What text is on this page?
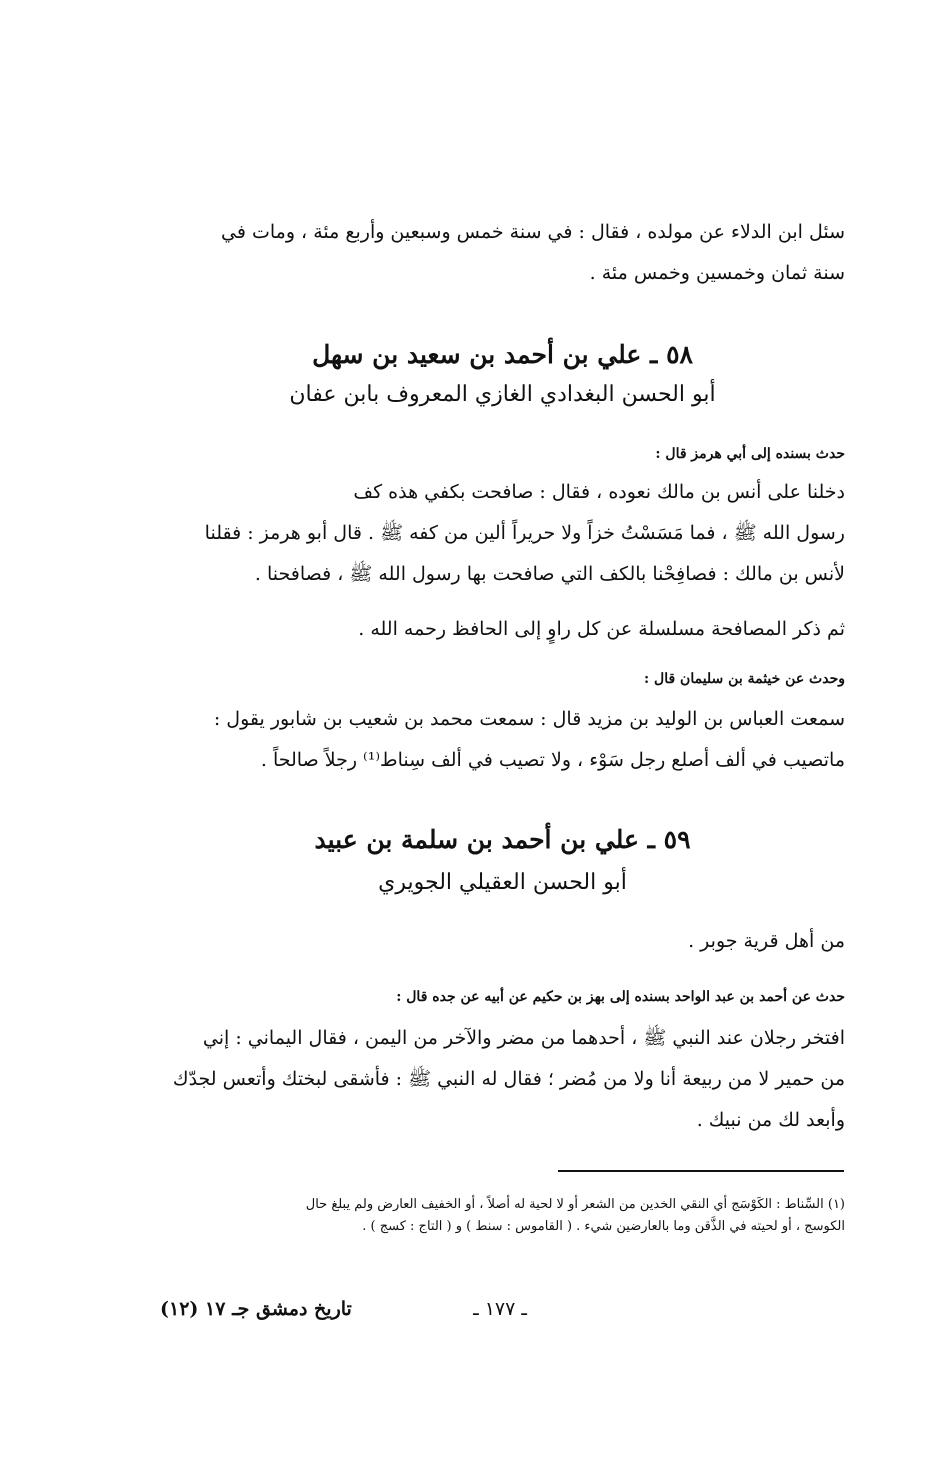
سئل ابن الدلاء عن مولده ، فقال : في سنة خمس وسبعين وأربع مئة ، ومات في
سنة ثمان وخمسين وخمس مئة .
٥٨ ـ علي بن أحمد بن سعيد بن سهل
أبو الحسن البغدادي الغازي المعروف بابن عفان
حدث بسنده إلى أبي هرمز قال :
دخلنا على أنس بن مالك نعوده ، فقال : صافحت بكفي هذه كف
رسول الله ﷺ ، فما مَسَسْتُ خزاً ولا حريراً ألين من كفه ﷺ . قال أبو هرمز : فقلنا
لأنس بن مالك : فصافِحْنا بالكف التي صافحت بها رسول الله ﷺ ، فصافحنا .
ثم ذكر المصافحة مسلسلة عن كل راوٍ إلى الحافظ رحمه الله .
وحدث عن خيثمة بن سليمان قال :
سمعت العباس بن الوليد بن مزيد قال : سمعت محمد بن شعيب بن شابور يقول :
ماتصيب في ألف أصلع رجل سَوْء ، ولا تصيب في ألف سِناط⁽¹⁾ رجلاً صالحاً .
٥٩ ـ علي بن أحمد بن سلمة بن عبيد
أبو الحسن العقيلي الجويري
من أهل قرية جوبر .
حدث عن أحمد بن عبد الواحد بسنده إلى بهز بن حكيم عن أبيه عن جده قال :
افتخر رجلان عند النبي ﷺ ، أحدهما من مضر والآخر من اليمن ، فقال اليماني : إني
من حمير لا من ربيعة أنا ولا من مُضر ؛ فقال له النبي ﷺ : فأشقى لبختك وأتعس لجدّك
وأبعد لك من نبيك .
(١) السِّناط : الكَوْسَج أي النقي الخدين من الشعر أو لا لحية له أصلاً ، أو الخفيف العارض ولم يبلغ حال
الكوسج ، أو لحيته في الذَّقن وما بالعارضين شيء . ( القاموس : سنط ) و ( التاج : كسج ) .
ـ ١٧٧ ـ
تاريخ دمشق جـ ١٧ (١٢)
